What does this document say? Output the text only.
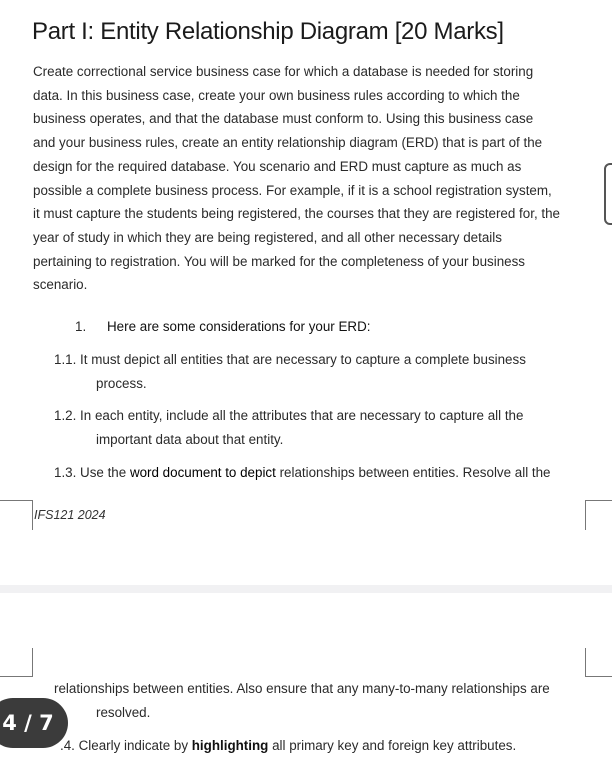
Part I: Entity Relationship Diagram [20 Marks]
Create correctional service business case for which a database is needed for storing
data. In this business case, create your own business rules according to which the
business operates, and that the database must conform to. Using this business case
and your business rules, create an entity relationship diagram (ERD) that is part of the
design for the required database. You scenario and ERD must capture as much as
possible a complete business process. For example, if it is a school registration system,
it must capture the students being registered, the courses that they are registered for, the
year of study in which they are being registered, and all other necessary details
pertaining to registration. You will be marked for the completeness of your business
scenario.
1. Here are some considerations for your ERD:
1.1. It must depict all entities that are necessary to capture a complete business
process.
1.2. In each entity, include all the attributes that are necessary to capture all the
important data about that entity.
1.3. Use the word document to depict relationships between entities. Resolve all the
IFS121 2024
relationships between entities. Also ensure that any many-to-many relationships are
resolved.
.4. Clearly indicate by highlighting all primary key and foreign key attributes.
4 / 7
